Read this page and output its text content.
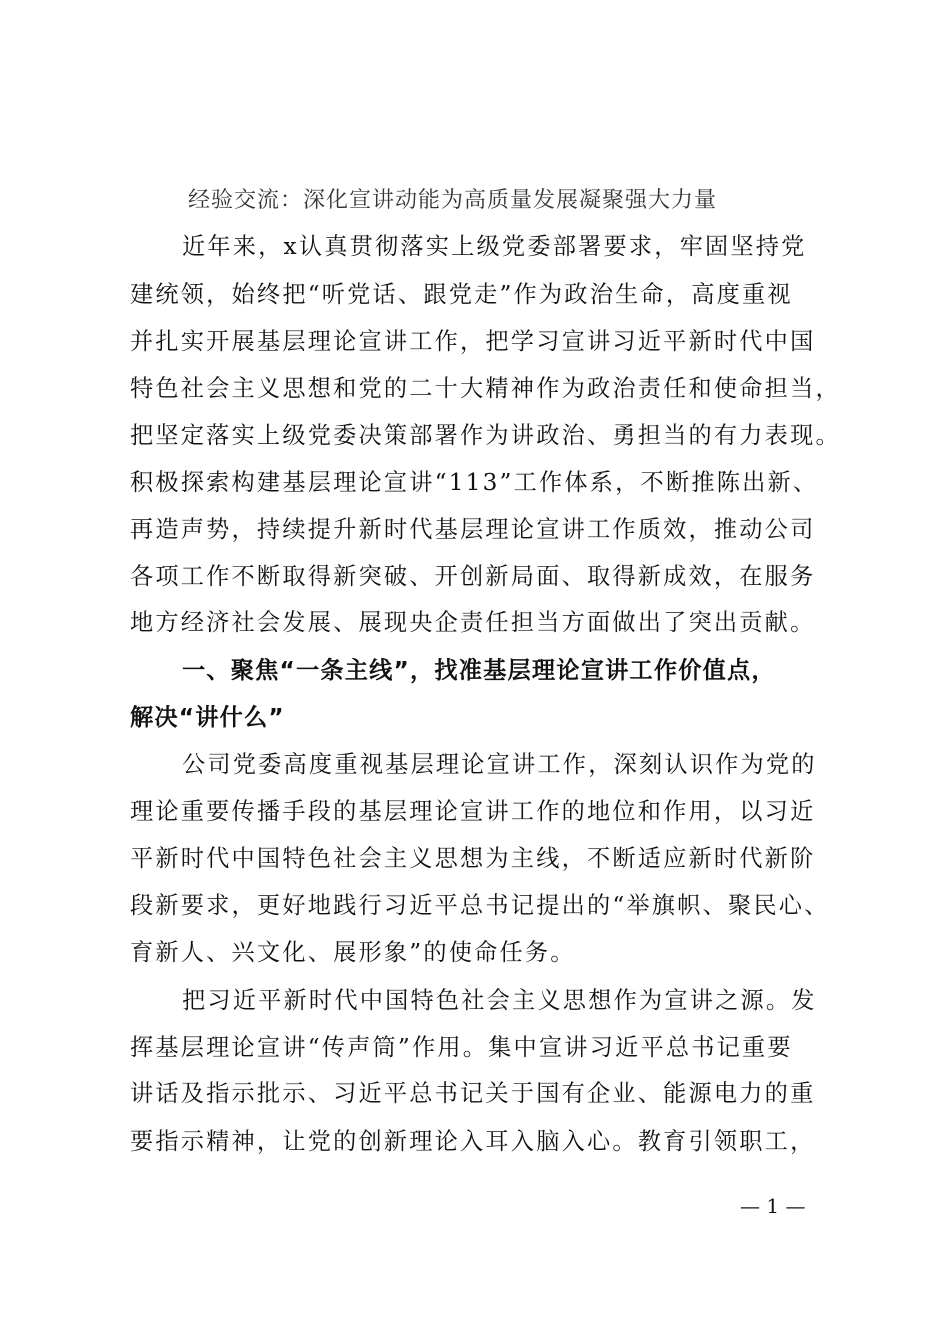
经验交流：深化宣讲动能为高质量发展凝聚强大力量
近年来，x认真贯彻落实上级党委部署要求，牢固坚持党
建统领，始终把“听党话、跟党走”作为政治生命，高度重视
并扎实开展基层理论宣讲工作，把学习宣讲习近平新时代中国
特色社会主义思想和党的二十大精神作为政治责任和使命担当，
把坚定落实上级党委决策部署作为讲政治、勇担当的有力表现。
积极探索构建基层理论宣讲“113”工作体系，不断推陈出新、
再造声势，持续提升新时代基层理论宣讲工作质效，推动公司
各项工作不断取得新突破、开创新局面、取得新成效，在服务
地方经济社会发展、展现央企责任担当方面做出了突出贡献。
一、聚焦“一条主线”，找准基层理论宣讲工作价值点，
解决“讲什么”
公司党委高度重视基层理论宣讲工作，深刻认识作为党的
理论重要传播手段的基层理论宣讲工作的地位和作用，以习近
平新时代中国特色社会主义思想为主线，不断适应新时代新阶
段新要求，更好地践行习近平总书记提出的“举旗帜、聚民心、
育新人、兴文化、展形象”的使命任务。
把习近平新时代中国特色社会主义思想作为宣讲之源。发
挥基层理论宣讲“传声筒”作用。集中宣讲习近平总书记重要
讲话及指示批示、习近平总书记关于国有企业、能源电力的重
要指示精神，让党的创新理论入耳入脑入心。教育引领职工，
— 1 —
